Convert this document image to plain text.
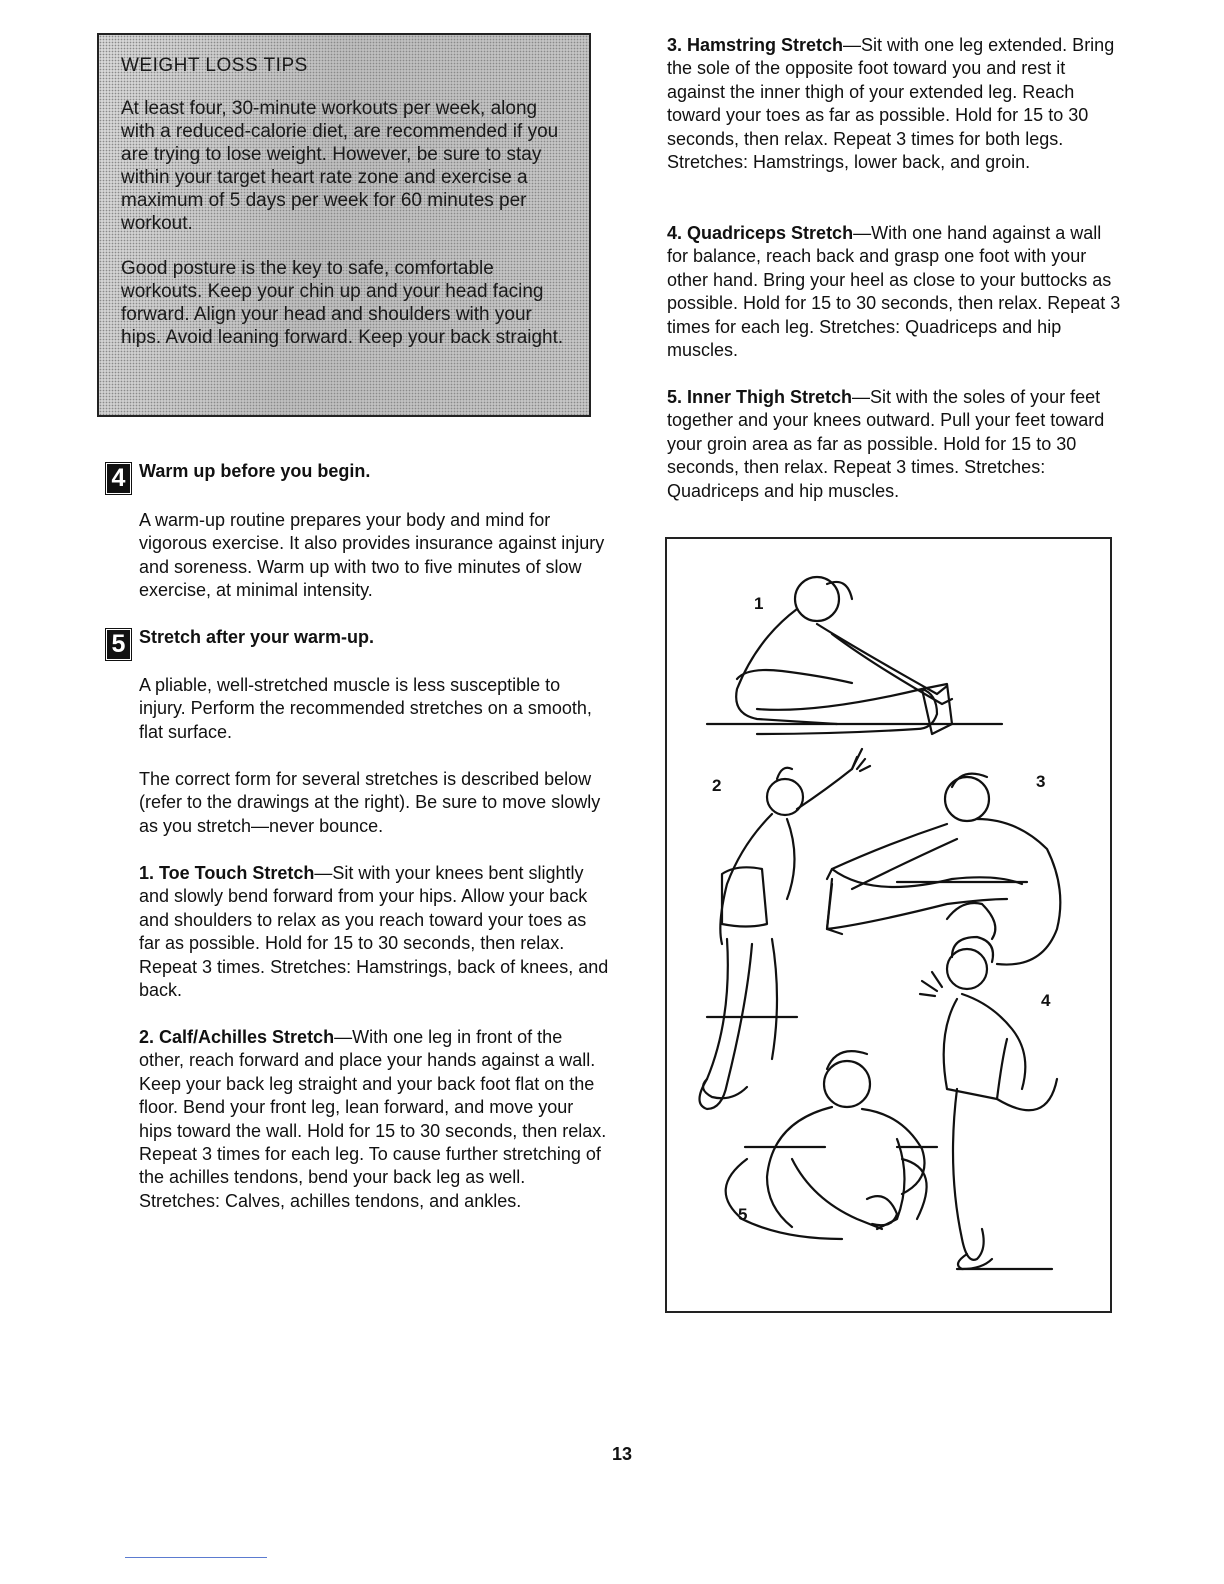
WEIGHT LOSS TIPS

At least four, 30-minute workouts per week, along with a reduced-calorie diet, are recommended if you are trying to lose weight. However, be sure to stay within your target heart rate zone and exercise a maximum of 5 days per week for 60 minutes per workout.

Good posture is the key to safe, comfortable workouts. Keep your chin up and your head facing forward. Align your head and shoulders with your hips. Avoid leaning forward. Keep your back straight.

4 Warm up before you begin.

A warm-up routine prepares your body and mind for vigorous exercise. It also provides insurance against injury and soreness. Warm up with two to five minutes of slow exercise, at minimal intensity.

5 Stretch after your warm-up.

A pliable, well-stretched muscle is less susceptible to injury. Perform the recommended stretches on a smooth, flat surface.

The correct form for several stretches is described below (refer to the drawings at the right). Be sure to move slowly as you stretch—never bounce.

1. Toe Touch Stretch—Sit with your knees bent slightly and slowly bend forward from your hips. Allow your back and shoulders to relax as you reach toward your toes as far as possible. Hold for 15 to 30 seconds, then relax. Repeat 3 times. Stretches: Hamstrings, back of knees, and back.

2. Calf/Achilles Stretch—With one leg in front of the other, reach forward and place your hands against a wall. Keep your back leg straight and your back foot flat on the floor. Bend your front leg, lean forward, and move your hips toward the wall. Hold for 15 to 30 seconds, then relax. Repeat 3 times for each leg. To cause further stretching of the achilles tendons, bend your back leg as well. Stretches: Calves, achilles tendons, and ankles.

3. Hamstring Stretch—Sit with one leg extended. Bring the sole of the opposite foot toward you and rest it against the inner thigh of your extended leg. Reach toward your toes as far as possible. Hold for 15 to 30 seconds, then relax. Repeat 3 times for both legs. Stretches: Hamstrings, lower back, and groin.

4. Quadriceps Stretch—With one hand against a wall for balance, reach back and grasp one foot with your other hand. Bring your heel as close to your buttocks as possible. Hold for 15 to 30 seconds, then relax. Repeat 3 times for each leg. Stretches: Quadriceps and hip muscles.

5. Inner Thigh Stretch—Sit with the soles of your feet together and your knees outward. Pull your feet toward your groin area as far as possible. Hold for 15 to 30 seconds, then relax. Repeat 3 times. Stretches: Quadriceps and hip muscles.

1
2	3
4
5
13
